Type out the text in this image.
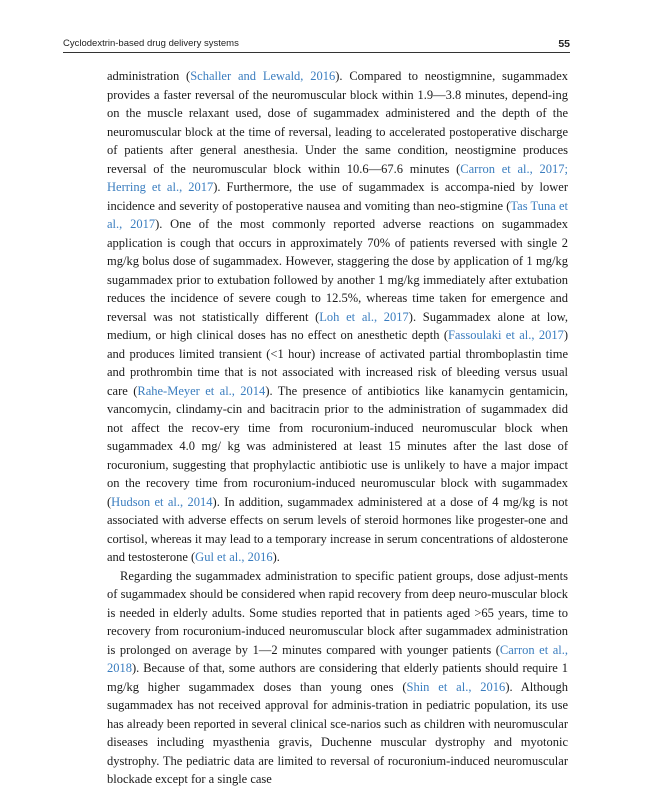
Cyclodextrin-based drug delivery systems	55

administration (Schaller and Lewald, 2016). Compared to neostigmnine, sugammadex provides a faster reversal of the neuromuscular block within 1.9—3.8 minutes, depend-ing on the muscle relaxant used, dose of sugammadex administered and the depth of the neuromuscular block at the time of reversal, leading to accelerated postoperative discharge of patients after general anesthesia. Under the same condition, neostigmine produces reversal of the neuromuscular block within 10.6—67.6 minutes (Carron et al., 2017; Herring et al., 2017). Furthermore, the use of sugammadex is accompa-nied by lower incidence and severity of postoperative nausea and vomiting than neo-stigmine (Tas Tuna et al., 2017). One of the most commonly reported adverse reactions on sugammadex application is cough that occurs in approximately 70% of patients reversed with single 2 mg/kg bolus dose of sugammadex. However, staggering the dose by application of 1 mg/kg sugammadex prior to extubation followed by another 1 mg/kg immediately after extubation reduces the incidence of severe cough to 12.5%, whereas time taken for emergence and reversal was not statistically different (Loh et al., 2017). Sugammadex alone at low, medium, or high clinical doses has no effect on anesthetic depth (Fassoulaki et al., 2017) and produces limited transient (<1 hour) increase of activated partial thromboplastin time and prothrombin time that is not associated with increased risk of bleeding versus usual care (Rahe-Meyer et al., 2014). The presence of antibiotics like kanamycin gentamicin, vancomycin, clindamy-cin and bacitracin prior to the administration of sugammadex did not affect the recov-ery time from rocuronium-induced neuromuscular block when sugammadex 4.0 mg/ kg was administered at least 15 minutes after the last dose of rocuronium, suggesting that prophylactic antibiotic use is unlikely to have a major impact on the recovery time from rocuronium-induced neuromuscular block with sugammadex (Hudson et al., 2014). In addition, sugammadex administered at a dose of 4 mg/kg is not associated with adverse effects on serum levels of steroid hormones like progester-one and cortisol, whereas it may lead to a temporary increase in serum concentrations of aldosterone and testosterone (Gul et al., 2016).

Regarding the sugammadex administration to specific patient groups, dose adjust-ments of sugammadex should be considered when rapid recovery from deep neuro-muscular block is needed in elderly adults. Some studies reported that in patients aged >65 years, time to recovery from rocuronium-induced neuromuscular block after sugammadex administration is prolonged on average by 1—2 minutes compared with younger patients (Carron et al., 2018). Because of that, some authors are considering that elderly patients should require 1 mg/kg higher sugammadex doses than young ones (Shin et al., 2016). Although sugammadex has not received approval for adminis-tration in pediatric population, its use has already been reported in several clinical sce-narios such as children with neuromuscular diseases including myasthenia gravis, Duchenne muscular dystrophy and myotonic dystrophy. The pediatric data are limited to reversal of rocuronium-induced neuromuscular blockade except for a single case
